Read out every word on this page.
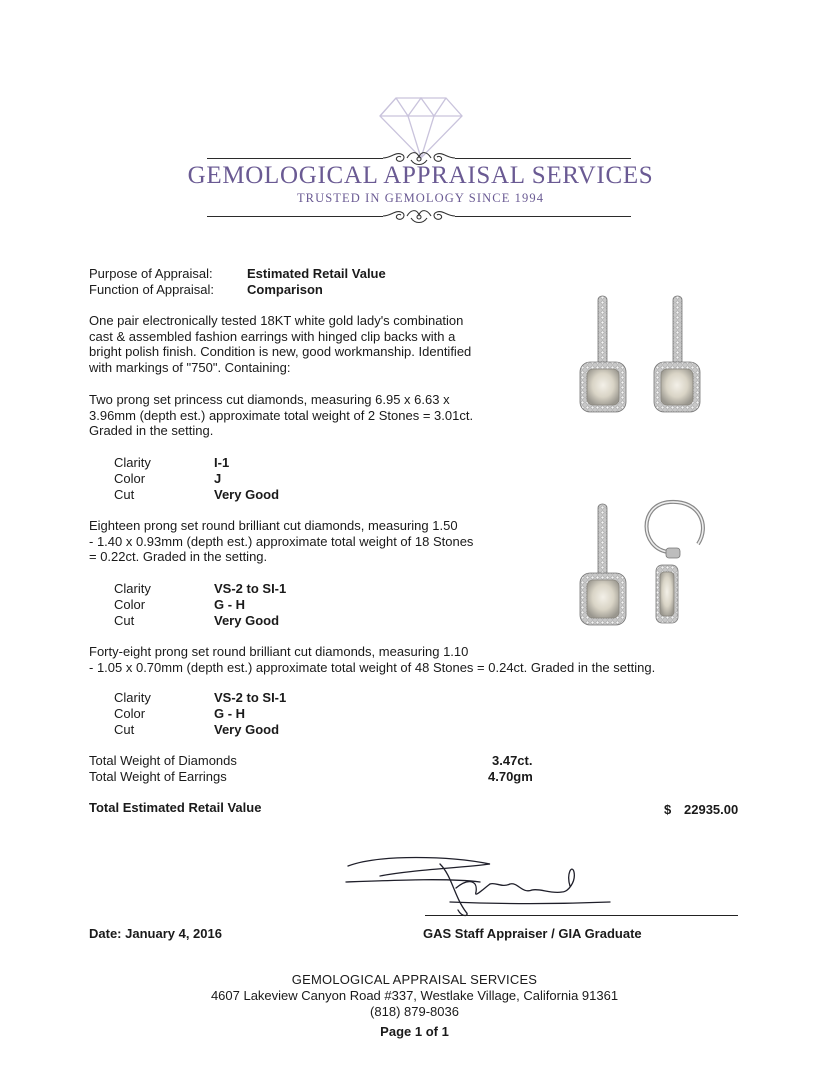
GEMOLOGICAL APPRAISAL SERVICES
TRUSTED IN GEMOLOGY SINCE 1994
Purpose of Appraisal:	Estimated Retail Value
Function of Appraisal:	Comparison
One pair electronically tested 18KT white gold lady's combination
cast & assembled fashion earrings with hinged clip backs with a
bright polish finish. Condition is new, good workmanship. Identified
with markings of "750". Containing:
Two prong set princess cut diamonds, measuring 6.95 x 6.63 x
3.96mm (depth est.) approximate total weight of 2 Stones = 3.01ct.
Graded in the setting.
Clarity	I-1
Color	J
Cut	Very Good
Eighteen prong set round brilliant cut diamonds, measuring 1.50
- 1.40 x 0.93mm (depth est.) approximate total weight of 18 Stones
= 0.22ct. Graded in the setting.
Clarity	VS-2 to SI-1
Color	G - H
Cut	Very Good
Forty-eight prong set round brilliant cut diamonds, measuring 1.10
- 1.05 x 0.70mm (depth est.) approximate total weight of 48 Stones = 0.24ct. Graded in the setting.
Clarity	VS-2 to SI-1
Color	G - H
Cut	Very Good
Total Weight of Diamonds	3.47ct.
Total Weight of Earrings	4.70gm
Total Estimated Retail Value	$ 22935.00
Date: January 4, 2016	GAS Staff Appraiser / GIA Graduate
GEMOLOGICAL APPRAISAL SERVICES
4607 Lakeview Canyon Road #337, Westlake Village, California 91361
(818) 879-8036
Page 1 of 1
